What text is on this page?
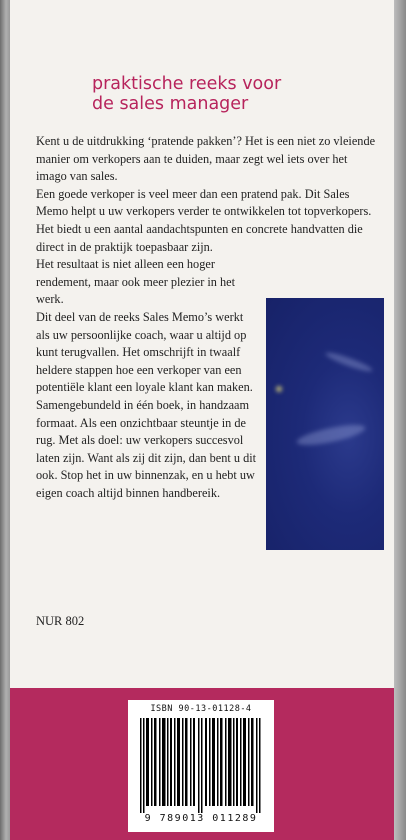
praktische reeks voor
de sales manager

Kent u de uitdrukking ‘pratende pakken’? Het is een niet zo vleiende manier om verkopers aan te duiden, maar zegt wel iets over het imago van sales.

Een goede verkoper is veel meer dan een pratend pak. Dit Sales Memo helpt u uw verkopers verder te ontwikkelen tot topverkopers. Het biedt u een aantal aandachtspunten en concrete handvatten die direct in de praktijk toepasbaar zijn.

Het resultaat is niet alleen een hoger rendement, maar ook meer plezier in het werk.

Dit deel van de reeks Sales Memo’s werkt als uw persoonlijke coach, waar u altijd op kunt terugvallen. Het omschrijft in twaalf heldere stappen hoe een verkoper van een potentiële klant een loyale klant kan maken. Samengebundeld in één boek, in handzaam formaat. Als een onzichtbaar steuntje in de rug. Met als doel: uw verkopers succesvol laten zijn. Want als zij dit zijn, dan bent u dit ook. Stop het in uw binnenzak, en u hebt uw eigen coach altijd binnen handbereik.

NUR 802
ISBN 90-13-01128-4
9 789013 011289
